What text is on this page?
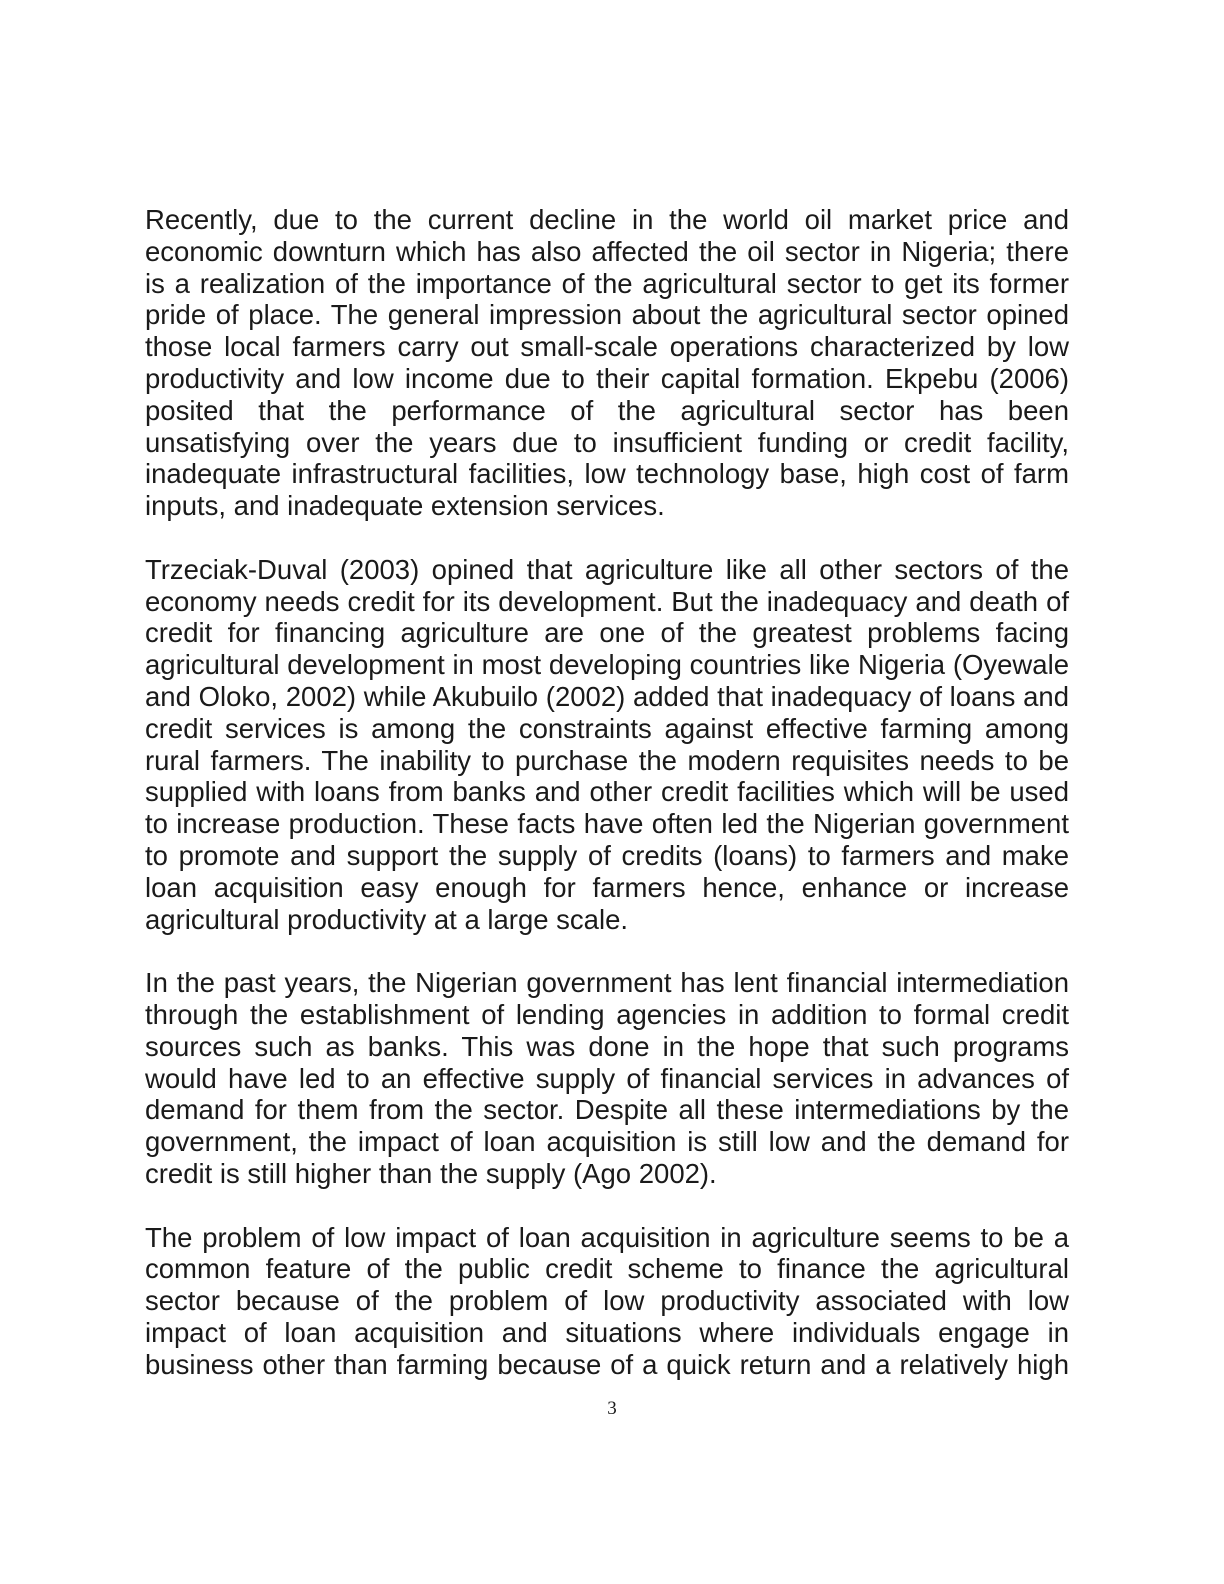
Recently, due to the current decline in the world oil market price and economic downturn which has also affected the oil sector in Nigeria; there is a realization of the importance of the agricultural sector to get its former pride of place. The general impression about the agricultural sector opined those local farmers carry out small-scale operations characterized by low productivity and low income due to their capital formation. Ekpebu (2006) posited that the performance of the agricultural sector has been unsatisfying over the years due to insufficient funding or credit facility, inadequate infrastructural facilities, low technology base, high cost of farm inputs, and inadequate extension services.

Trzeciak-Duval (2003) opined that agriculture like all other sectors of the economy needs credit for its development. But the inadequacy and death of credit for financing agriculture are one of the greatest problems facing agricultural development in most developing countries like Nigeria (Oyewale and Oloko, 2002) while Akubuilo (2002) added that inadequacy of loans and credit services is among the constraints against effective farming among rural farmers. The inability to purchase the modern requisites needs to be supplied with loans from banks and other credit facilities which will be used to increase production. These facts have often led the Nigerian government to promote and support the supply of credits (loans) to farmers and make loan acquisition easy enough for farmers hence, enhance or increase agricultural productivity at a large scale.

In the past years, the Nigerian government has lent financial intermediation through the establishment of lending agencies in addition to formal credit sources such as banks. This was done in the hope that such programs would have led to an effective supply of financial services in advances of demand for them from the sector. Despite all these intermediations by the government, the impact of loan acquisition is still low and the demand for credit is still higher than the supply (Ago 2002).

The problem of low impact of loan acquisition in agriculture seems to be a common feature of the public credit scheme to finance the agricultural sector because of the problem of low productivity associated with low impact of loan acquisition and situations where individuals engage in business other than farming because of a quick return and a relatively high

3
